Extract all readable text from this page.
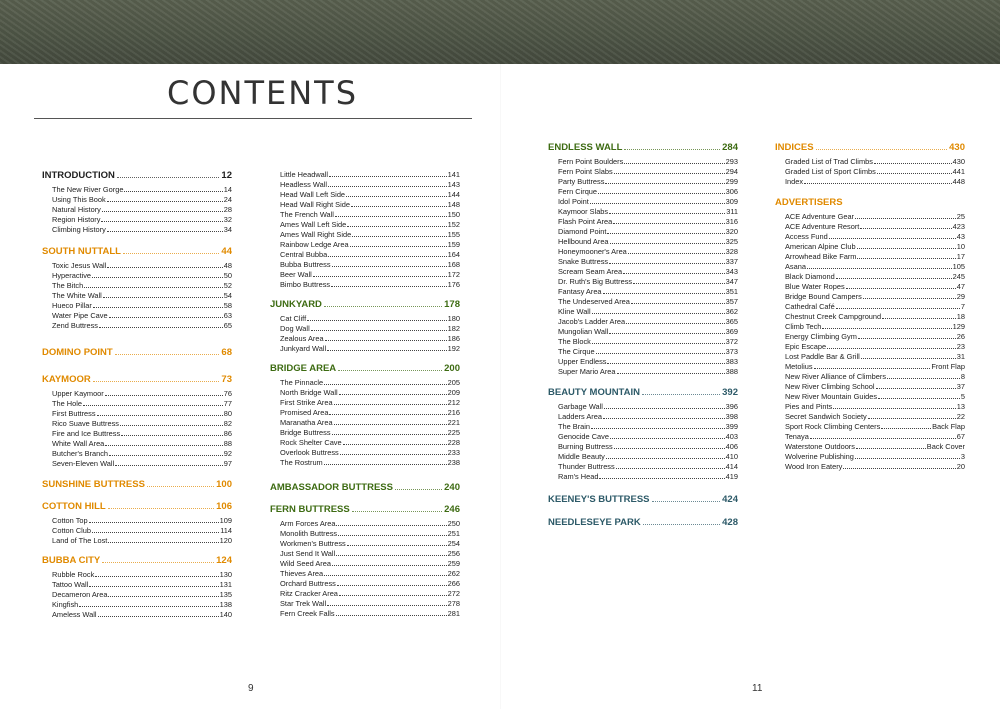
CONTENTS
INTRODUCTION	12
The New River Gorge	14
Using This Book	24
Natural History	28
Region History	32
Climbing History	34
SOUTH NUTTALL	44
Toxic Jesus Wall	48
Hyperactive	50
The Bitch	52
The White Wall	54
Hueco Pillar	58
Water Pipe Cave	63
Zend Buttress	65
DOMINO POINT	68
KAYMOOR	73
Upper Kaymoor	76
The Hole	77
First Buttress	80
Rico Suave Buttress	82
Fire and Ice Buttress	86
White Wall Area	88
Butcher's Branch	92
Seven-Eleven Wall	97
SUNSHINE BUTTRESS	100
COTTON HILL	106
Cotton Top	109
Cotton Club	114
Land of The Lost	120
BUBBA CITY	124
Rubble Rock	130
Tattoo Wall	131
Decameron Area	135
Kingfish	138
Ameless Wall	140
Little Headwall	141
Headless Wall	143
Head Wall Left Side	144
Head Wall Right Side	148
The French Wall	150
Ames Wall Left Side	152
Ames Wall Right Side	155
Rainbow Ledge Area	159
Central Bubba	164
Bubba Buttress	168
Beer Wall	172
Bimbo Buttress	176
JUNKYARD	178
Cat Cliff	180
Dog Wall	182
Zealous Area	186
Junkyard Wall	192
BRIDGE AREA	200
The Pinnacle	205
North Bridge Wall	209
First Strike Area	212
Promised Area	216
Maranatha Area	221
Bridge Buttress	225
Rock Shelter Cave	228
Overlook Buttress	233
The Rostrum	238
AMBASSADOR BUTTRESS	240
FERN BUTTRESS	246
Arm Forces Area	250
Monolith Buttress	251
Workmen's Buttress	254
Just Send It Wall	256
Wild Seed Area	259
Thieves Area	262
Orchard Buttress	266
Ritz Cracker Area	272
Star Trek Wall	278
Fern Creek Falls	281
ENDLESS WALL	284
Fern Point Boulders	293
Fern Point Slabs	294
Party Buttress	299
Fern Cirque	306
Idol Point	309
Kaymoor Slabs	311
Flash Point Area	316
Diamond Point	320
Hellbound Area	325
Honeymooner's Area	328
Snake Buttress	337
Scream Seam Area	343
Dr. Ruth's Big Buttress	347
Fantasy Area	351
The Undeserved Area	357
Kline Wall	362
Jacob's Ladder Area	365
Mungolian Wall	369
The Block	372
The Cirque	373
Upper Endless	383
Super Mario Area	388
BEAUTY MOUNTAIN	392
Garbage Wall	396
Ladders Area	398
The Brain	399
Genocide Cave	403
Burning Buttress	406
Middle Beauty	410
Thunder Buttress	414
Ram's Head	419
KEENEY'S BUTTRESS	424
NEEDLESEYE PARK	428
INDICES	430
Graded List of Trad Climbs	430
Graded List of Sport Climbs	441
Index	448
ADVERTISERS
ACE Adventure Gear	25
ACE Adventure Resort	423
Access Fund	43
American Alpine Club	10
Arrowhead Bike Farm	17
Asana	105
Black Diamond	245
Blue Water Ropes	47
Bridge Bound Campers	29
Cathedral Café	7
Chestnut Creek Campground	18
Climb Tech	129
Energy Climbing Gym	26
Epic Escape	23
Lost Paddle Bar & Grill	31
Metolius	Front Flap
New River Alliance of Climbers	8
New River Climbing School	37
New River Mountain Guides	5
Pies and Pints	13
Secret Sandwich Society	22
Sport Rock Climbing Centers	Back Flap
Tenaya	67
Waterstone Outdoors	Back Cover
Wolverine Publishing	3
Wood Iron Eatery	20
9	11
